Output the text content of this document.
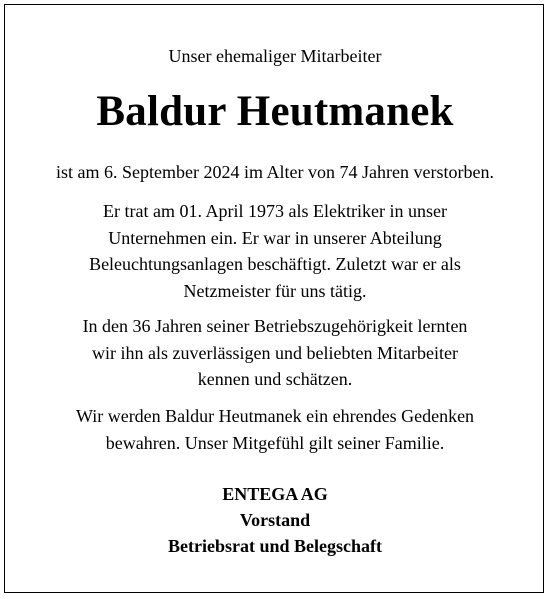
Unser ehemaliger Mitarbeiter
Baldur Heutmanek
ist am 6. September 2024 im Alter von 74 Jahren verstorben.
Er trat am 01. April 1973 als Elektriker in unser
Unternehmen ein. Er war in unserer Abteilung
Beleuchtungsanlagen beschäftigt. Zuletzt war er als
Netzmeister für uns tätig.
In den 36 Jahren seiner Betriebszugehörigkeit lernten
wir ihn als zuverlässigen und beliebten Mitarbeiter
kennen und schätzen.
Wir werden Baldur Heutmanek ein ehrendes Gedenken
bewahren. Unser Mitgefühl gilt seiner Familie.
ENTEGA AG
Vorstand
Betriebsrat und Belegschaft
